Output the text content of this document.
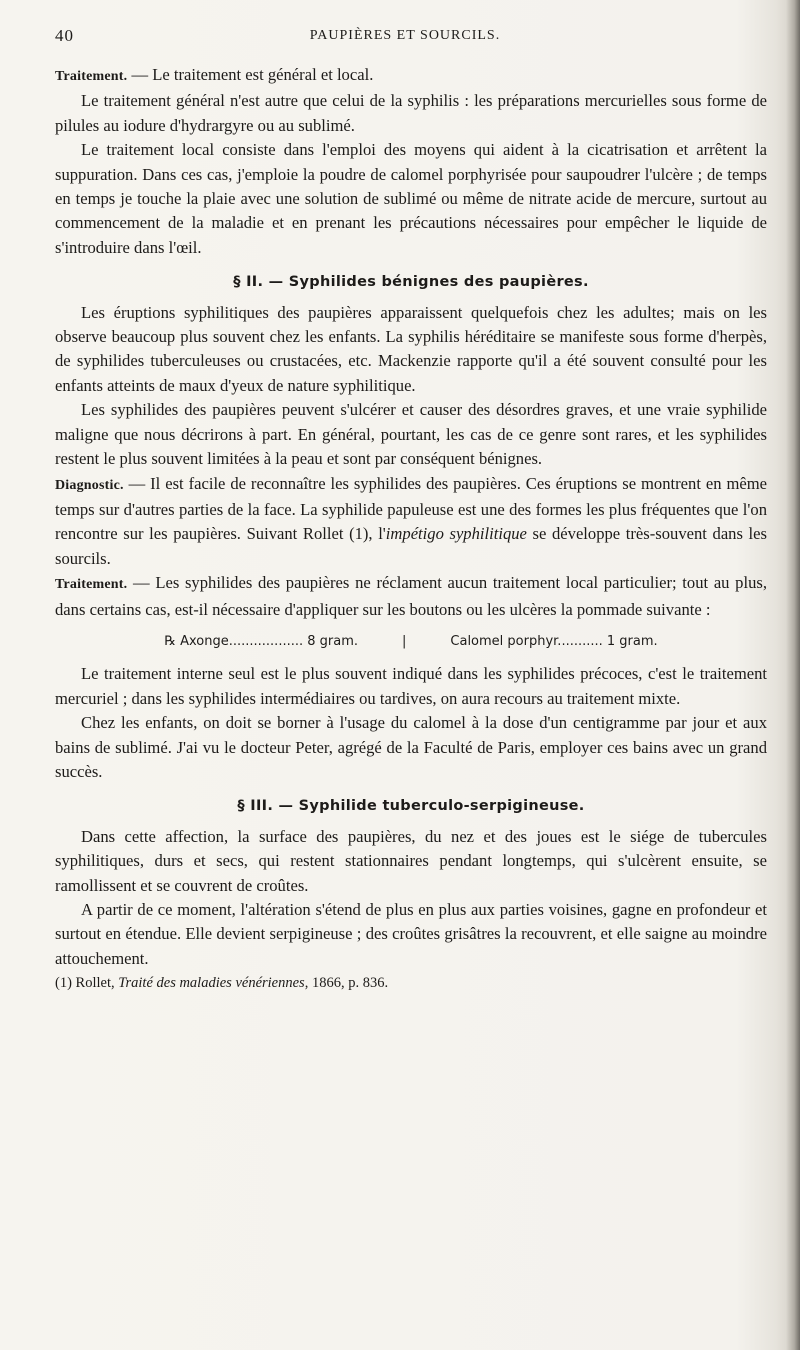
40	PAUPIÈRES ET SOURCILS.

Traitement. — Le traitement est général et local.

Le traitement général n'est autre que celui de la syphilis : les préparations mercurielles sous forme de pilules au iodure d'hydrargyre ou au sublimé.

Le traitement local consiste dans l'emploi des moyens qui aident à la cicatrisation et arrêtent la suppuration. Dans ces cas, j'emploie la poudre de calomel porphyrisée pour saupoudrer l'ulcère ; de temps en temps je touche la plaie avec une solution de sublimé ou même de nitrate acide de mercure, surtout au commencement de la maladie et en prenant les précautions nécessaires pour empêcher le liquide de s'introduire dans l'œil.

§ II. — Syphilides bénignes des paupières.

Les éruptions syphilitiques des paupières apparaissent quelquefois chez les adultes; mais on les observe beaucoup plus souvent chez les enfants. La syphilis héréditaire se manifeste sous forme d'herpès, de syphilides tuberculeuses ou crustacées, etc. Mackenzie rapporte qu'il a été souvent consulté pour les enfants atteints de maux d'yeux de nature syphilitique.

Les syphilides des paupières peuvent s'ulcérer et causer des désordres graves, et une vraie syphilide maligne que nous décrirons à part. En général, pourtant, les cas de ce genre sont rares, et les syphilides restent le plus souvent limitées à la peau et sont par conséquent bénignes.

Diagnostic. — Il est facile de reconnaître les syphilides des paupières. Ces éruptions se montrent en même temps sur d'autres parties de la face. La syphilide papuleuse est une des formes les plus fréquentes que l'on rencontre sur les paupières. Suivant Rollet (1), l'impétigo syphilitique se développe très-souvent dans les sourcils.

Traitement. — Les syphilides des paupières ne réclament aucun traitement local particulier; tout au plus, dans certains cas, est-il nécessaire d'appliquer sur les boutons ou les ulcères la pommade suivante :

℞ Axonge.................. 8 gram.	|	Calomel porphyr........... 1 gram.

Le traitement interne seul est le plus souvent indiqué dans les syphilides précoces, c'est le traitement mercuriel ; dans les syphilides intermédiaires ou tardives, on aura recours au traitement mixte.

Chez les enfants, on doit se borner à l'usage du calomel à la dose d'un centigramme par jour et aux bains de sublimé. J'ai vu le docteur Peter, agrégé de la Faculté de Paris, employer ces bains avec un grand succès.

§ III. — Syphilide tuberculo-serpigineuse.

Dans cette affection, la surface des paupières, du nez et des joues est le siége de tubercules syphilitiques, durs et secs, qui restent stationnaires pendant longtemps, qui s'ulcèrent ensuite, se ramollissent et se couvrent de croûtes.

A partir de ce moment, l'altération s'étend de plus en plus aux parties voisines, gagne en profondeur et surtout en étendue. Elle devient serpigineuse ; des croûtes grisâtres la recouvrent, et elle saigne au moindre attouchement.

(1) Rollet, Traité des maladies vénériennes, 1866, p. 836.
